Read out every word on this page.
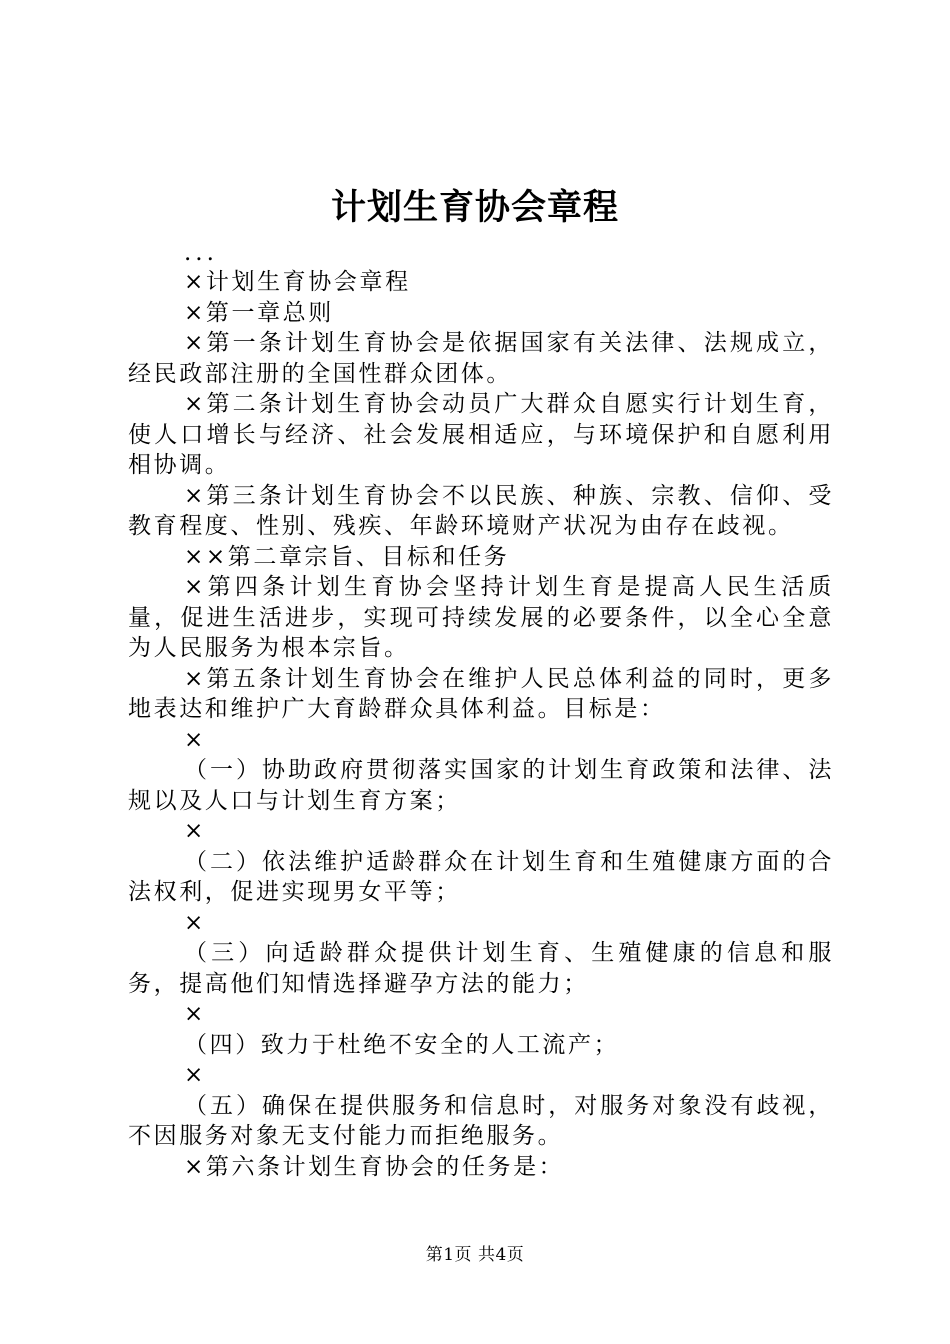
计划生育协会章程

...

×计划生育协会章程

×第一章总则

×第一条计划生育协会是依据国家有关法律、法规成立，经民政部注册的全国性群众团体。

×第二条计划生育协会动员广大群众自愿实行计划生育，使人口增长与经济、社会发展相适应，与环境保护和自愿利用相协调。

×第三条计划生育协会不以民族、种族、宗教、信仰、受教育程度、性别、残疾、年龄环境财产状况为由存在歧视。

××第二章宗旨、目标和任务

×第四条计划生育协会坚持计划生育是提高人民生活质量，促进生活进步，实现可持续发展的必要条件，以全心全意为人民服务为根本宗旨。

×第五条计划生育协会在维护人民总体利益的同时，更多地表达和维护广大育龄群众具体利益。目标是：

×

（一）协助政府贯彻落实国家的计划生育政策和法律、法规以及人口与计划生育方案；

×

（二）依法维护适龄群众在计划生育和生殖健康方面的合法权利，促进实现男女平等；

×

（三）向适龄群众提供计划生育、生殖健康的信息和服务，提高他们知情选择避孕方法的能力；

×

（四）致力于杜绝不安全的人工流产；

×

（五）确保在提供服务和信息时，对服务对象没有歧视，不因服务对象无支付能力而拒绝服务。

×第六条计划生育协会的任务是：

第1页 共4页
